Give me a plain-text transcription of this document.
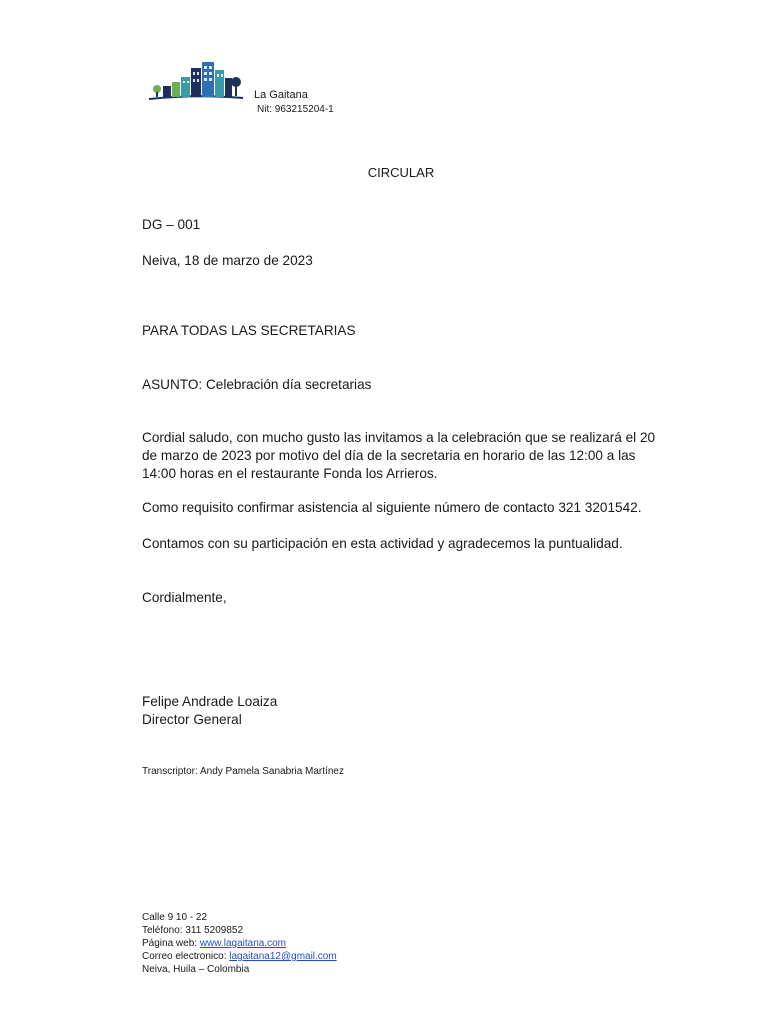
La Gaitana
Nit: 963215204-1
CIRCULAR
DG – 001
Neiva, 18 de marzo de 2023
PARA TODAS LAS SECRETARIAS
ASUNTO: Celebración día secretarias
Cordial saludo, con mucho gusto las invitamos a la celebración que se realizará el 20 de marzo de 2023 por motivo del día de la secretaria en horario de las 12:00 a las 14:00 horas en el restaurante Fonda los Arrieros.
Como requisito confirmar asistencia al siguiente número de contacto 321 3201542.
Contamos con su participación en esta actividad y agradecemos la puntualidad.
Cordialmente,
Felipe Andrade Loaiza
Director General
Transcriptor: Andy Pamela Sanabria Martínez
Calle 9 10 - 22
Teléfono: 311 5209852
Página web: www.lagaitana.com
Correo electronico: lagaitana12@gmail.com
Neiva, Huila – Colombia
